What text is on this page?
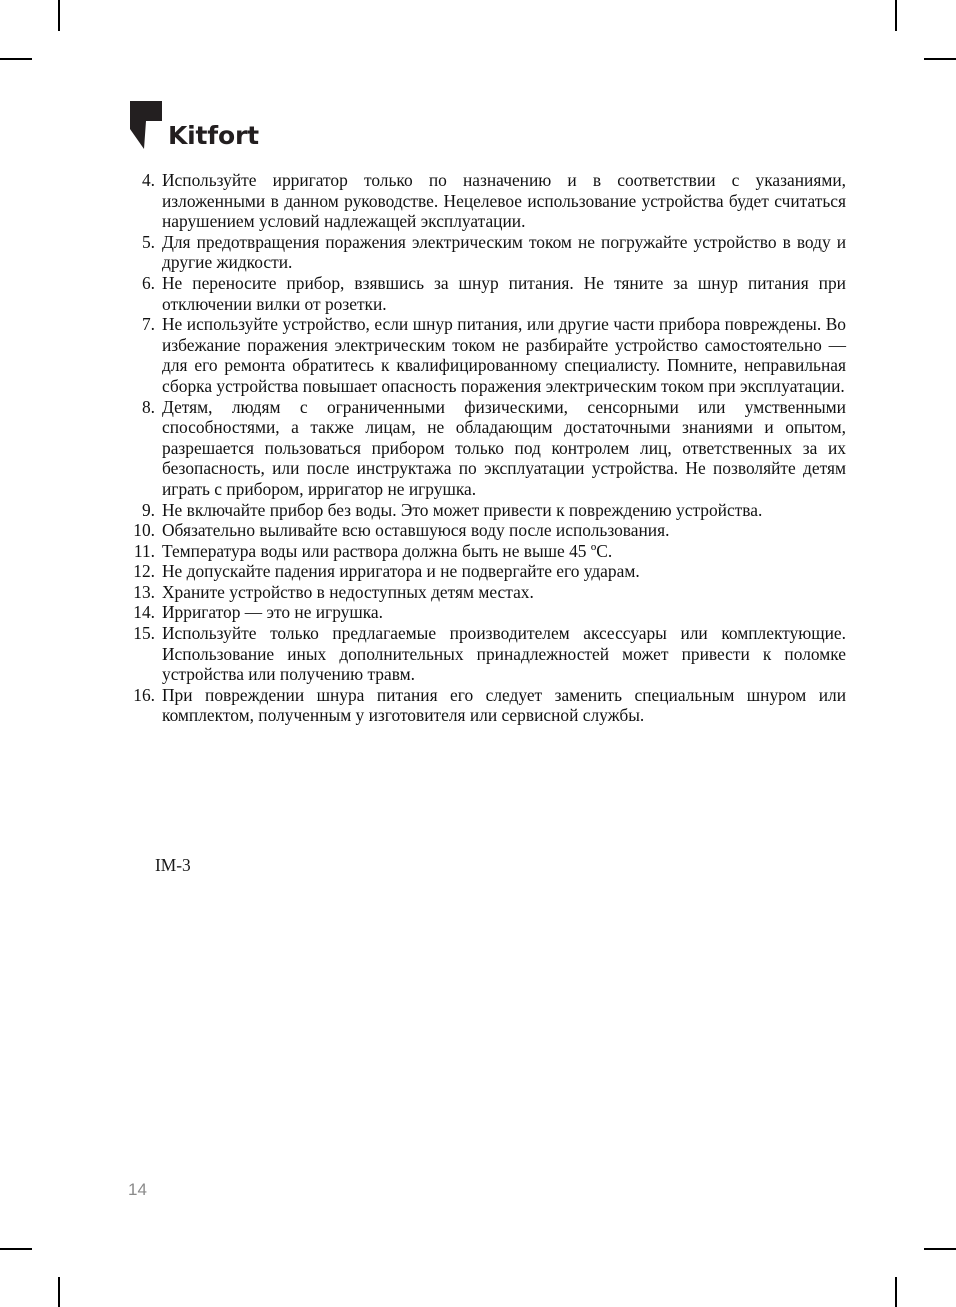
Kitfort
4. Используйте ирригатор только по назначению и в соответствии с указаниями, изложенными в данном руководстве. Нецелевое использование устройства будет считаться нарушением условий надлежащей эксплуатации.
5. Для предотвращения поражения электрическим током не погружайте устройство в воду и другие жидкости.
6. Не переносите прибор, взявшись за шнур питания. Не тяните за шнур питания при отключении вилки от розетки.
7. Не используйте устройство, если шнур питания, или другие части прибора повреждены. Во избежание поражения электрическим током не разбирайте устройство самостоятельно — для его ремонта обратитесь к квалифицированному специалисту. Помните, неправильная сборка устройства повышает опасность поражения электрическим током при эксплуатации.
8. Детям, людям с ограниченными физическими, сенсорными или умственными способностями, а также лицам, не обладающим достаточными знаниями и опытом, разрешается пользоваться прибором только под контролем лиц, ответственных за их безопасность, или после инструктажа по эксплуатации устройства. Не позволяйте детям играть с прибором, ирригатор не игрушка.
9. Не включайте прибор без воды. Это может привести к повреждению устройства.
10. Обязательно выливайте всю оставшуюся воду после использования.
11. Температура воды или раствора должна быть не выше 45 ºС.
12. Не допускайте падения ирригатора и не подвергайте его ударам.
13. Храните устройство в недоступных детям местах.
14. Ирригатор — это не игрушка.
15. Используйте только предлагаемые производителем аксессуары или комплектующие. Использование иных дополнительных принадлежностей может привести к поломке устройства или получению травм.
16. При повреждении шнура питания его следует заменить специальным шнуром или комплектом, полученным у изготовителя или сервисной службы.
IM-3
14
